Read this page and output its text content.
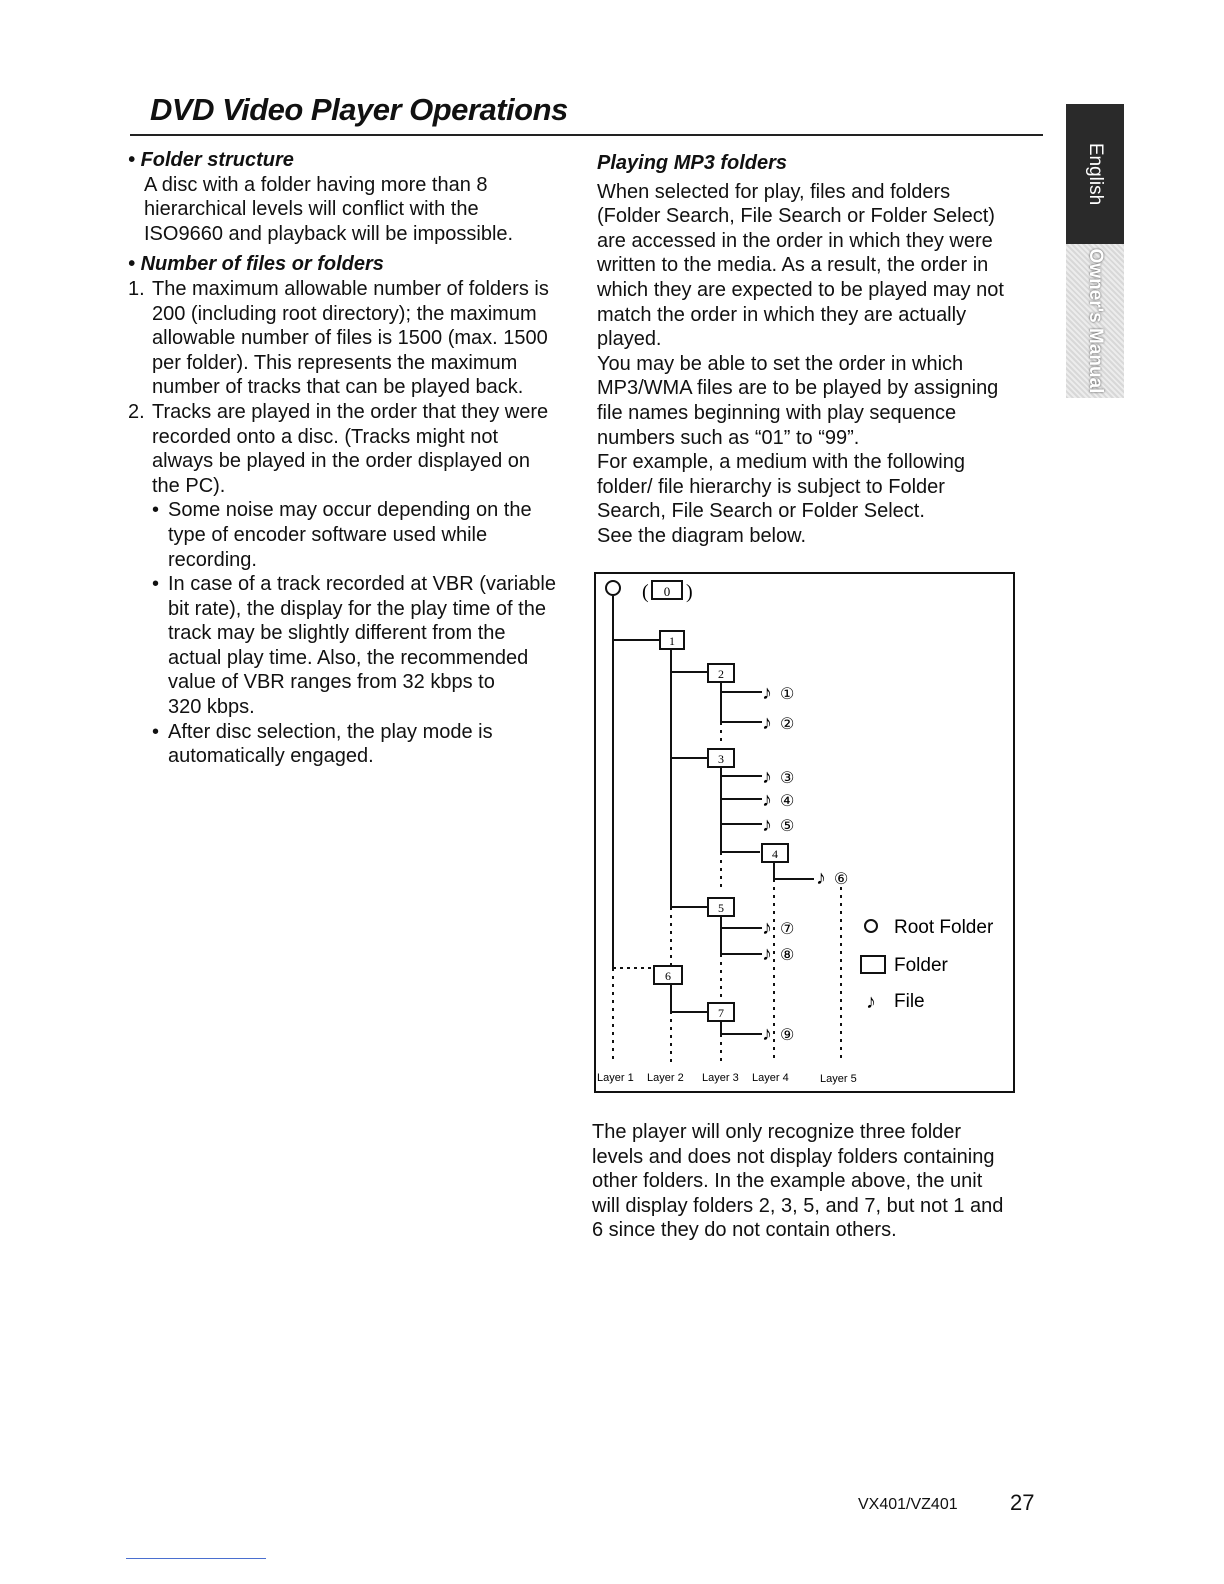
DVD Video Player Operations
English
Owner's Manual

• Folder structure

A disc with a folder having more than 8
hierarchical levels will conflict with the
ISO9660 and playback will be impossible.

• Number of files or folders

1. The maximum allowable number of folders is
200 (including root directory); the maximum
allowable number of files is 1500 (max. 1500
per folder). This represents the maximum
number of tracks that can be played back.
2. Tracks are played in the order that they were
recorded onto a disc. (Tracks might not
always be played in the order displayed on
the PC).
• Some noise may occur depending on the
type of encoder software used while
recording.
• In case of a track recorded at VBR (variable
bit rate), the display for the play time of the
track may be slightly different from the
actual play time. Also, the recommended
value of VBR ranges from 32 kbps to
320 kbps.
• After disc selection, the play mode is
automatically engaged.

Playing MP3 folders

When selected for play, files and folders
(Folder Search, File Search or Folder Select)
are accessed in the order in which they were
written to the media. As a result, the order in
which they are expected to be played may not
match the order in which they are actually
played.
You may be able to set the order in which
MP3/WMA files are to be played by assigning
file names beginning with play sequence
numbers such as “01” to “99”.
For example, a medium with the following
folder/ file hierarchy is subject to Folder
Search, File Search or Folder Select.
See the diagram below.
( 0 )
1
2
3
4
5
6
7
♪ ①
♪ ②
♪ ③
♪ ④
♪ ⑤
♪ ⑥
♪ ⑦
♪ ⑧
♪ ⑨
Root Folder
Folder
♪ File
Layer 1 Layer 2 Layer 3 Layer 4	Layer 5
The player will only recognize three folder
levels and does not display folders containing
other folders. In the example above, the unit
will display folders 2, 3, 5, and 7, but not 1 and
6 since they do not contain others.
VX401/VZ401 27
